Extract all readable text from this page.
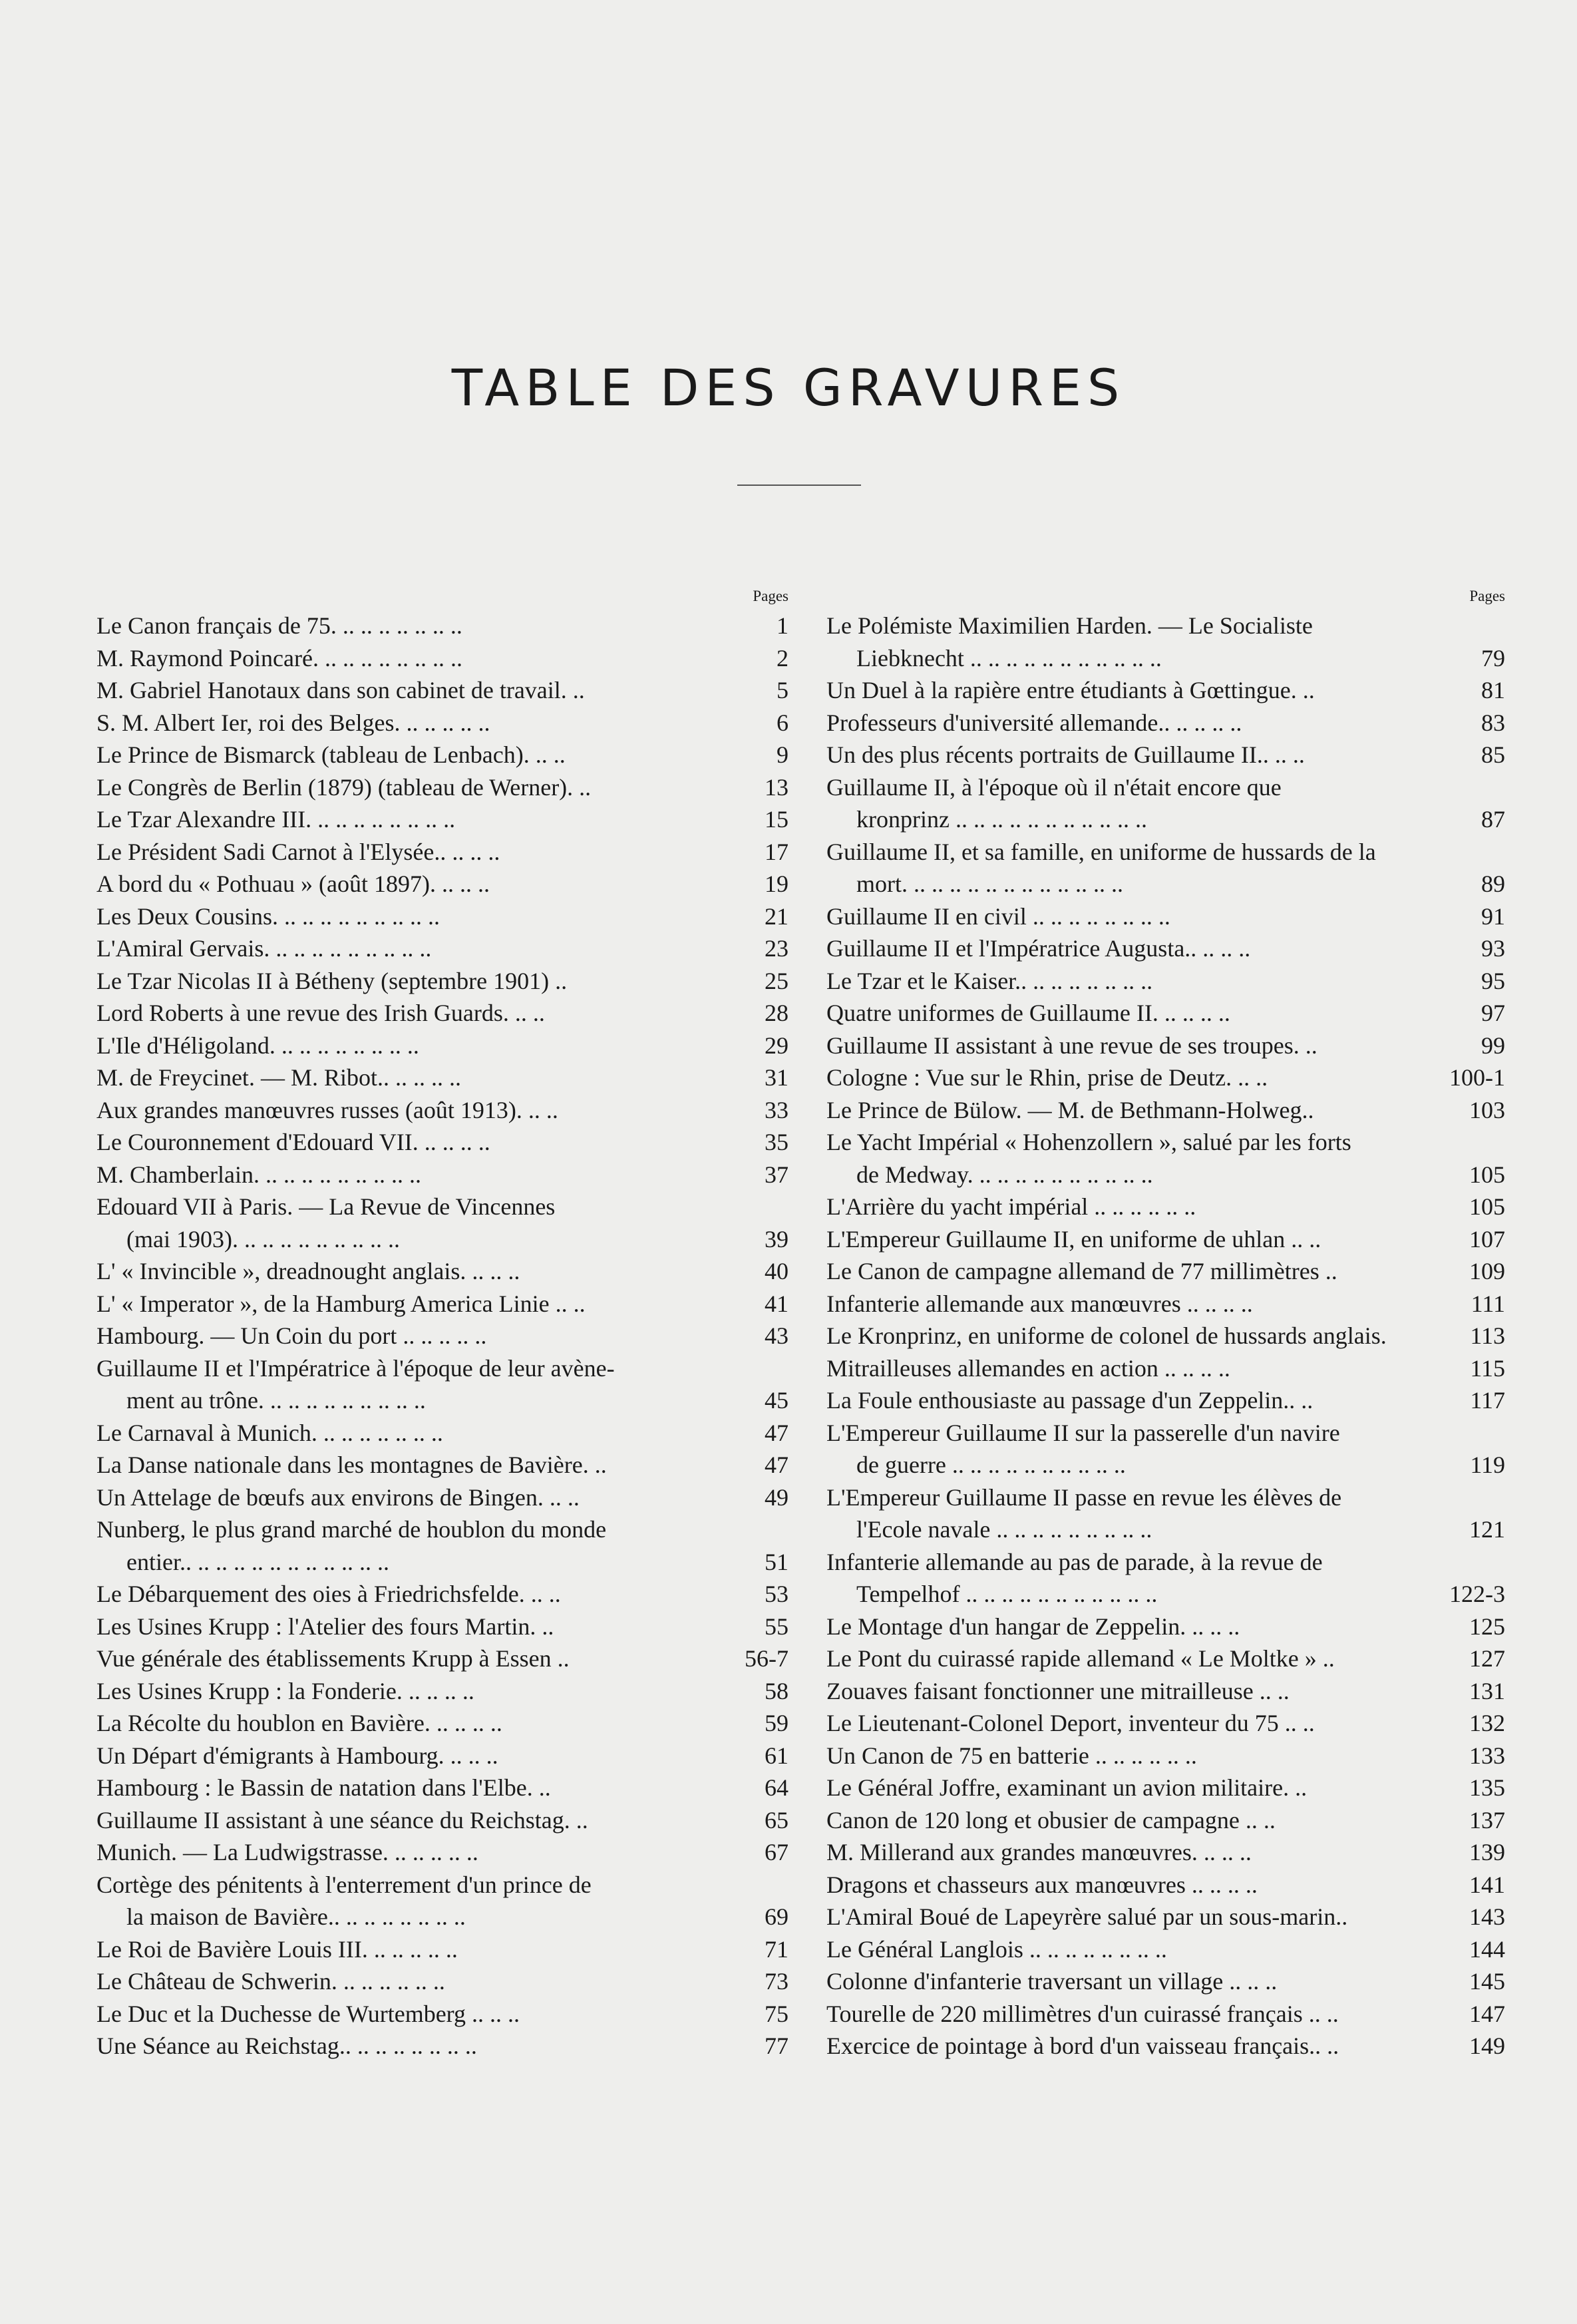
TABLE DES GRAVURES
Pages
Le Canon français de 75. .. .. .. .. .. .. ..	1
M. Raymond Poincaré. .. .. .. .. .. .. .. ..	2
M. Gabriel Hanotaux dans son cabinet de travail. ..	5
S. M. Albert Ier, roi des Belges. .. .. .. .. ..	6
Le Prince de Bismarck (tableau de Lenbach). .. ..	9
Le Congrès de Berlin (1879) (tableau de Werner). ..	13
Le Tzar Alexandre III. .. .. .. .. .. .. .. ..	15
Le Président Sadi Carnot à l'Elysée.. .. .. ..	17
A bord du « Pothuau » (août 1897). .. .. ..	19
Les Deux Cousins. .. .. .. .. .. .. .. .. ..	21
L'Amiral Gervais. .. .. .. .. .. .. .. .. ..	23
Le Tzar Nicolas II à Bétheny (septembre 1901) ..	25
Lord Roberts à une revue des Irish Guards. .. ..	28
L'Ile d'Héligoland. .. .. .. .. .. .. .. ..	29
M. de Freycinet. — M. Ribot.. .. .. .. ..	31
Aux grandes manœuvres russes (août 1913). .. ..	33
Le Couronnement d'Edouard VII. .. .. .. ..	35
M. Chamberlain. .. .. .. .. .. .. .. .. ..	37
Edouard VII à Paris. — La Revue de Vincennes
(mai 1903). .. .. .. .. .. .. .. .. ..	39
L' « Invincible », dreadnought anglais. .. .. ..	40
L' « Imperator », de la Hamburg America Linie .. ..	41
Hambourg. — Un Coin du port .. .. .. .. ..	43
Guillaume II et l'Impératrice à l'époque de leur avène-
ment au trône. .. .. .. .. .. .. .. .. ..	45
Le Carnaval à Munich. .. .. .. .. .. .. ..	47
La Danse nationale dans les montagnes de Bavière. ..	47
Un Attelage de bœufs aux environs de Bingen. .. ..	49
Nunberg, le plus grand marché de houblon du monde
entier.. .. .. .. .. .. .. .. .. .. .. ..	51
Le Débarquement des oies à Friedrichsfelde. .. ..	53
Les Usines Krupp : l'Atelier des fours Martin. ..	55
Vue générale des établissements Krupp à Essen ..	56-7
Les Usines Krupp : la Fonderie. .. .. .. ..	58
La Récolte du houblon en Bavière. .. .. .. ..	59
Un Départ d'émigrants à Hambourg. .. .. ..	61
Hambourg : le Bassin de natation dans l'Elbe. ..	64
Guillaume II assistant à une séance du Reichstag. ..	65
Munich. — La Ludwigstrasse. .. .. .. .. ..	67
Cortège des pénitents à l'enterrement d'un prince de
la maison de Bavière.. .. .. .. .. .. .. ..	69
Le Roi de Bavière Louis III. .. .. .. .. ..	71
Le Château de Schwerin. .. .. .. .. .. ..	73
Le Duc et la Duchesse de Wurtemberg .. .. ..	75
Une Séance au Reichstag.. .. .. .. .. .. .. ..	77
Pages
Le Polémiste Maximilien Harden. — Le Socialiste
Liebknecht .. .. .. .. .. .. .. .. .. .. ..	79
Un Duel à la rapière entre étudiants à Gœttingue. ..	81
Professeurs d'université allemande.. .. .. .. ..	83
Un des plus récents portraits de Guillaume II.. .. ..	85
Guillaume II, à l'époque où il n'était encore que
kronprinz .. .. .. .. .. .. .. .. .. .. ..	87
Guillaume II, et sa famille, en uniforme de hussards de la
mort. .. .. .. .. .. .. .. .. .. .. .. ..	89
Guillaume II en civil .. .. .. .. .. .. .. ..	91
Guillaume II et l'Impératrice Augusta.. .. .. ..	93
Le Tzar et le Kaiser.. .. .. .. .. .. .. ..	95
Quatre uniformes de Guillaume II. .. .. .. ..	97
Guillaume II assistant à une revue de ses troupes. ..	99
Cologne : Vue sur le Rhin, prise de Deutz. .. ..	100-1
Le Prince de Bülow. — M. de Bethmann-Holweg..	103
Le Yacht Impérial « Hohenzollern », salué par les forts
de Medway. .. .. .. .. .. .. .. .. .. ..	105
L'Arrière du yacht impérial .. .. .. .. .. ..	105
L'Empereur Guillaume II, en uniforme de uhlan .. ..	107
Le Canon de campagne allemand de 77 millimètres ..	109
Infanterie allemande aux manœuvres .. .. .. ..	111
Le Kronprinz, en uniforme de colonel de hussards anglais.	113
Mitrailleuses allemandes en action .. .. .. ..	115
La Foule enthousiaste au passage d'un Zeppelin.. ..	117
L'Empereur Guillaume II sur la passerelle d'un navire
de guerre .. .. .. .. .. .. .. .. .. ..	119
L'Empereur Guillaume II passe en revue les élèves de
l'Ecole navale .. .. .. .. .. .. .. .. ..	121
Infanterie allemande au pas de parade, à la revue de
Tempelhof .. .. .. .. .. .. .. .. .. .. ..	122-3
Le Montage d'un hangar de Zeppelin. .. .. ..	125
Le Pont du cuirassé rapide allemand « Le Moltke » ..	127
Zouaves faisant fonctionner une mitrailleuse .. ..	131
Le Lieutenant-Colonel Deport, inventeur du 75 .. ..	132
Un Canon de 75 en batterie .. .. .. .. .. ..	133
Le Général Joffre, examinant un avion militaire. ..	135
Canon de 120 long et obusier de campagne .. ..	137
M. Millerand aux grandes manœuvres. .. .. ..	139
Dragons et chasseurs aux manœuvres .. .. .. ..	141
L'Amiral Boué de Lapeyrère salué par un sous-marin..	143
Le Général Langlois .. .. .. .. .. .. .. ..	144
Colonne d'infanterie traversant un village .. .. ..	145
Tourelle de 220 millimètres d'un cuirassé français .. ..	147
Exercice de pointage à bord d'un vaisseau français.. ..	149
